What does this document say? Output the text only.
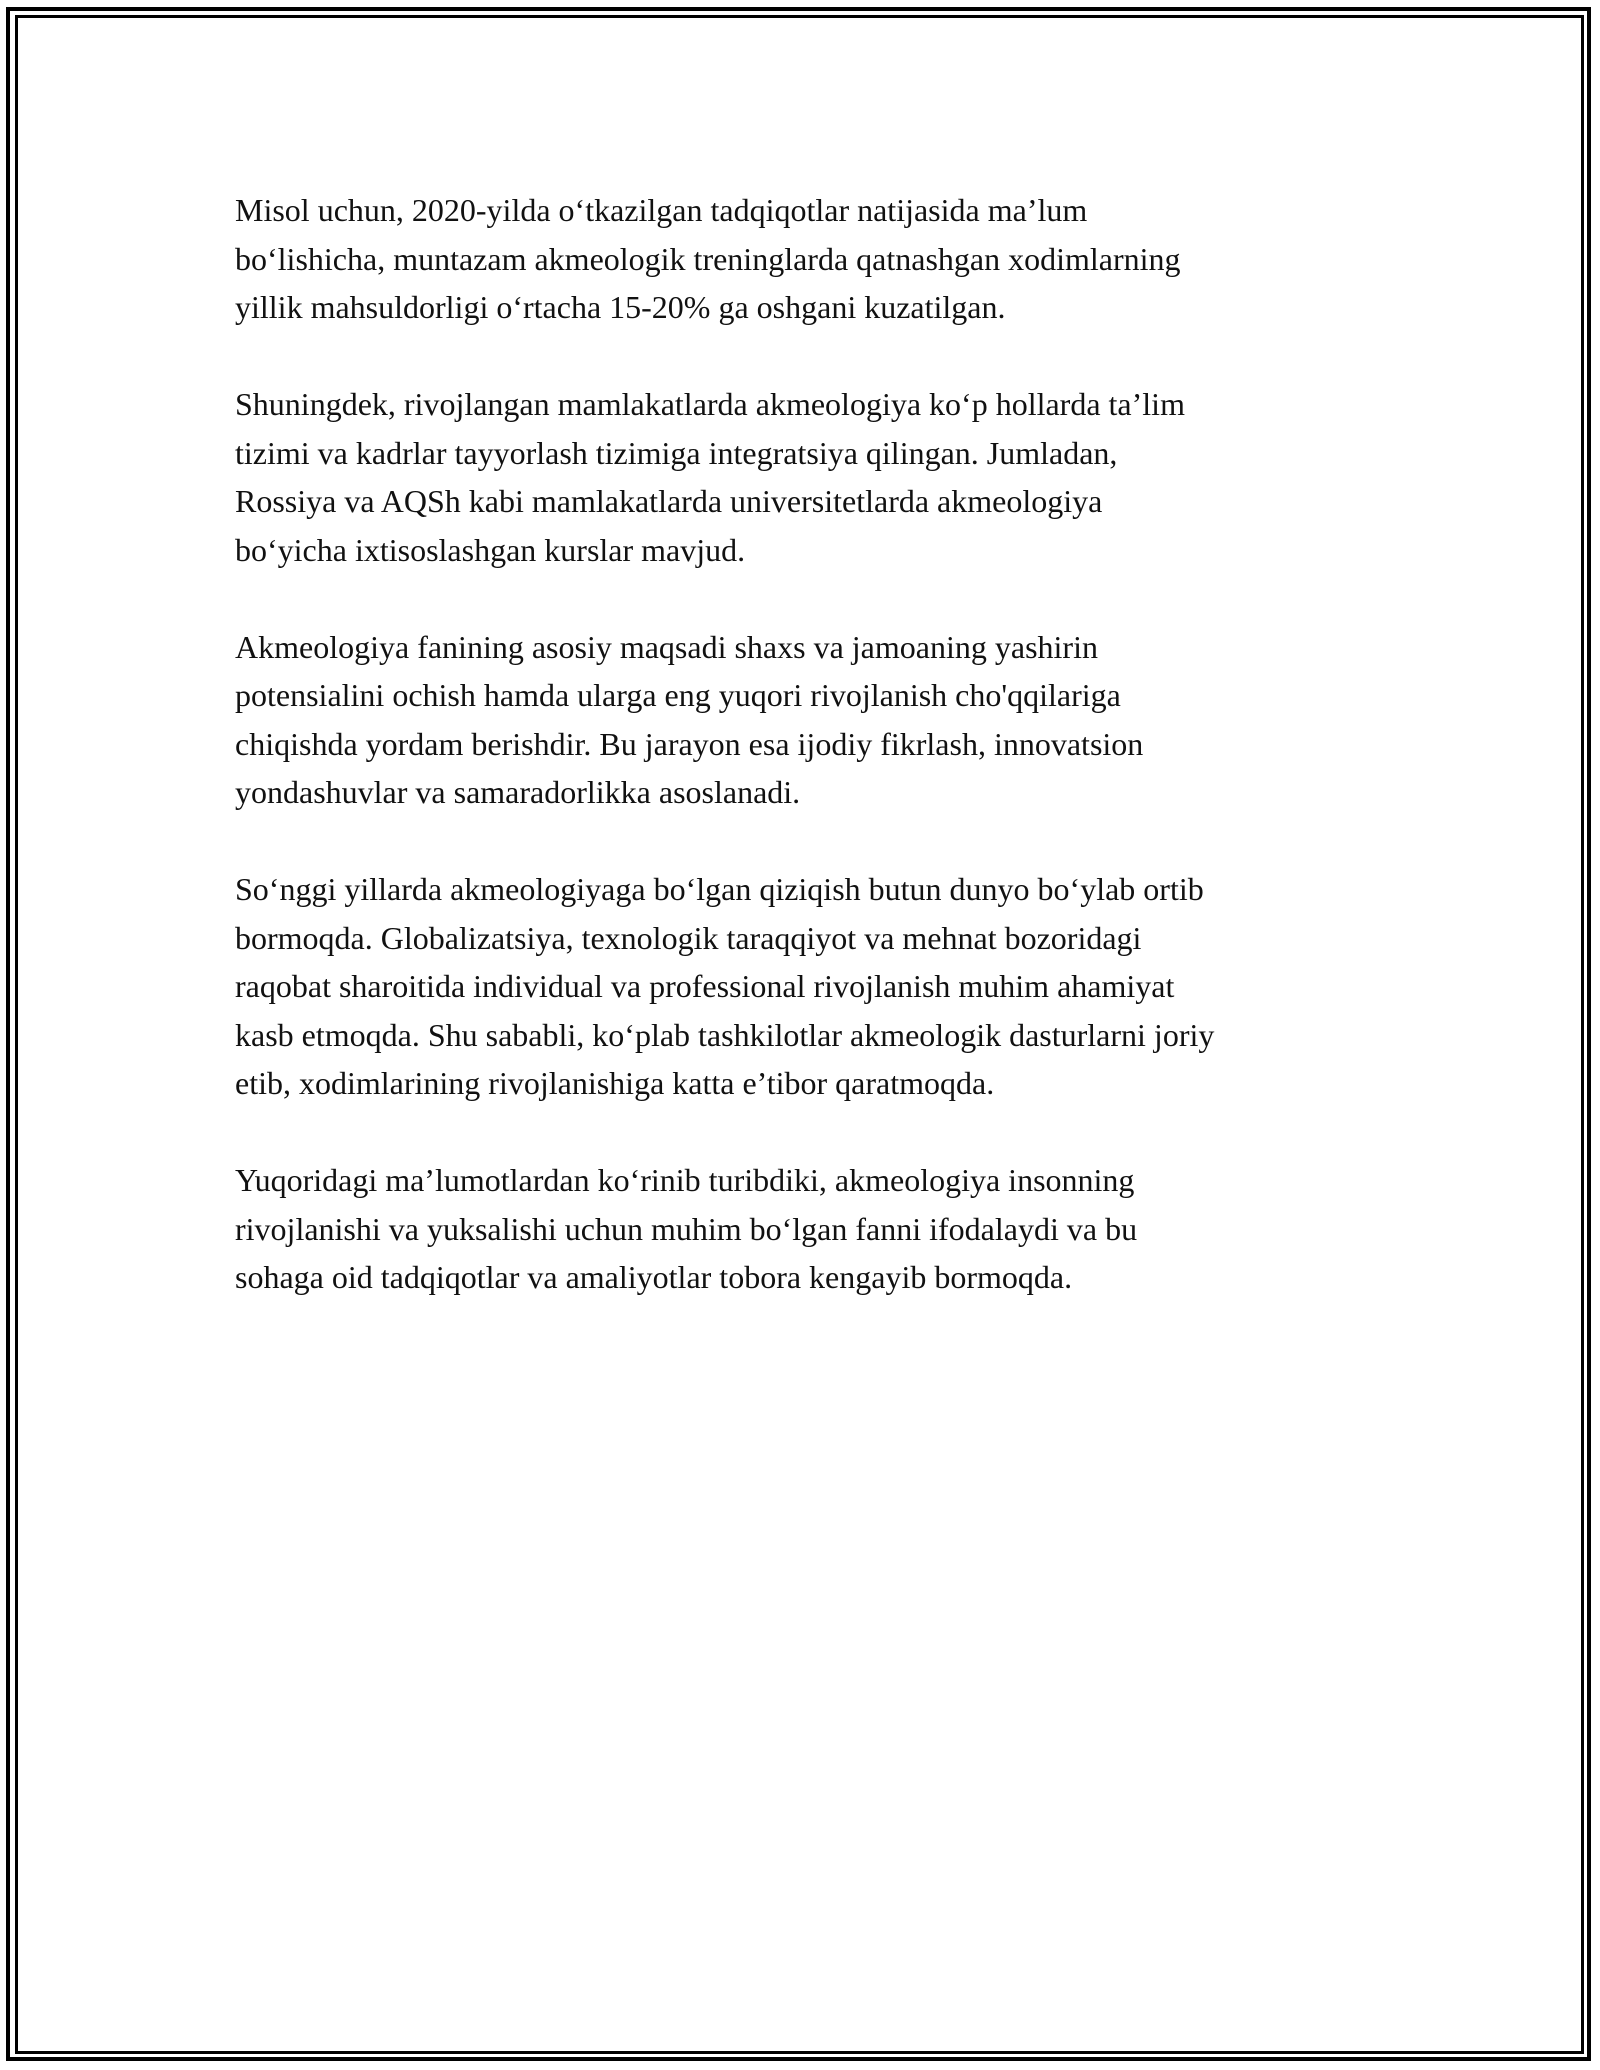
Misol uchun, 2020-yilda o‘tkazilgan tadqiqotlar natijasida ma’lum
bo‘lishicha, muntazam akmeologik treninglarda qatnashgan xodimlarning
yillik mahsuldorligi o‘rtacha 15-20% ga oshgani kuzatilgan.

Shuningdek, rivojlangan mamlakatlarda akmeologiya ko‘p hollarda ta’lim
tizimi va kadrlar tayyorlash tizimiga integratsiya qilingan. Jumladan,
Rossiya va AQSh kabi mamlakatlarda universitetlarda akmeologiya
bo‘yicha ixtisoslashgan kurslar mavjud.

Akmeologiya fanining asosiy maqsadi shaxs va jamoaning yashirin
potensialini ochish hamda ularga eng yuqori rivojlanish cho'qqilariga
chiqishda yordam berishdir. Bu jarayon esa ijodiy fikrlash, innovatsion
yondashuvlar va samaradorlikka asoslanadi.

So‘nggi yillarda akmeologiyaga bo‘lgan qiziqish butun dunyo bo‘ylab ortib
bormoqda. Globalizatsiya, texnologik taraqqiyot va mehnat bozoridagi
raqobat sharoitida individual va professional rivojlanish muhim ahamiyat
kasb etmoqda. Shu sababli, ko‘plab tashkilotlar akmeologik dasturlarni joriy
etib, xodimlarining rivojlanishiga katta e’tibor qaratmoqda.

Yuqoridagi ma’lumotlardan ko‘rinib turibdiki, akmeologiya insonning
rivojlanishi va yuksalishi uchun muhim bo‘lgan fanni ifodalaydi va bu
sohaga oid tadqiqotlar va amaliyotlar tobora kengayib bormoqda.
